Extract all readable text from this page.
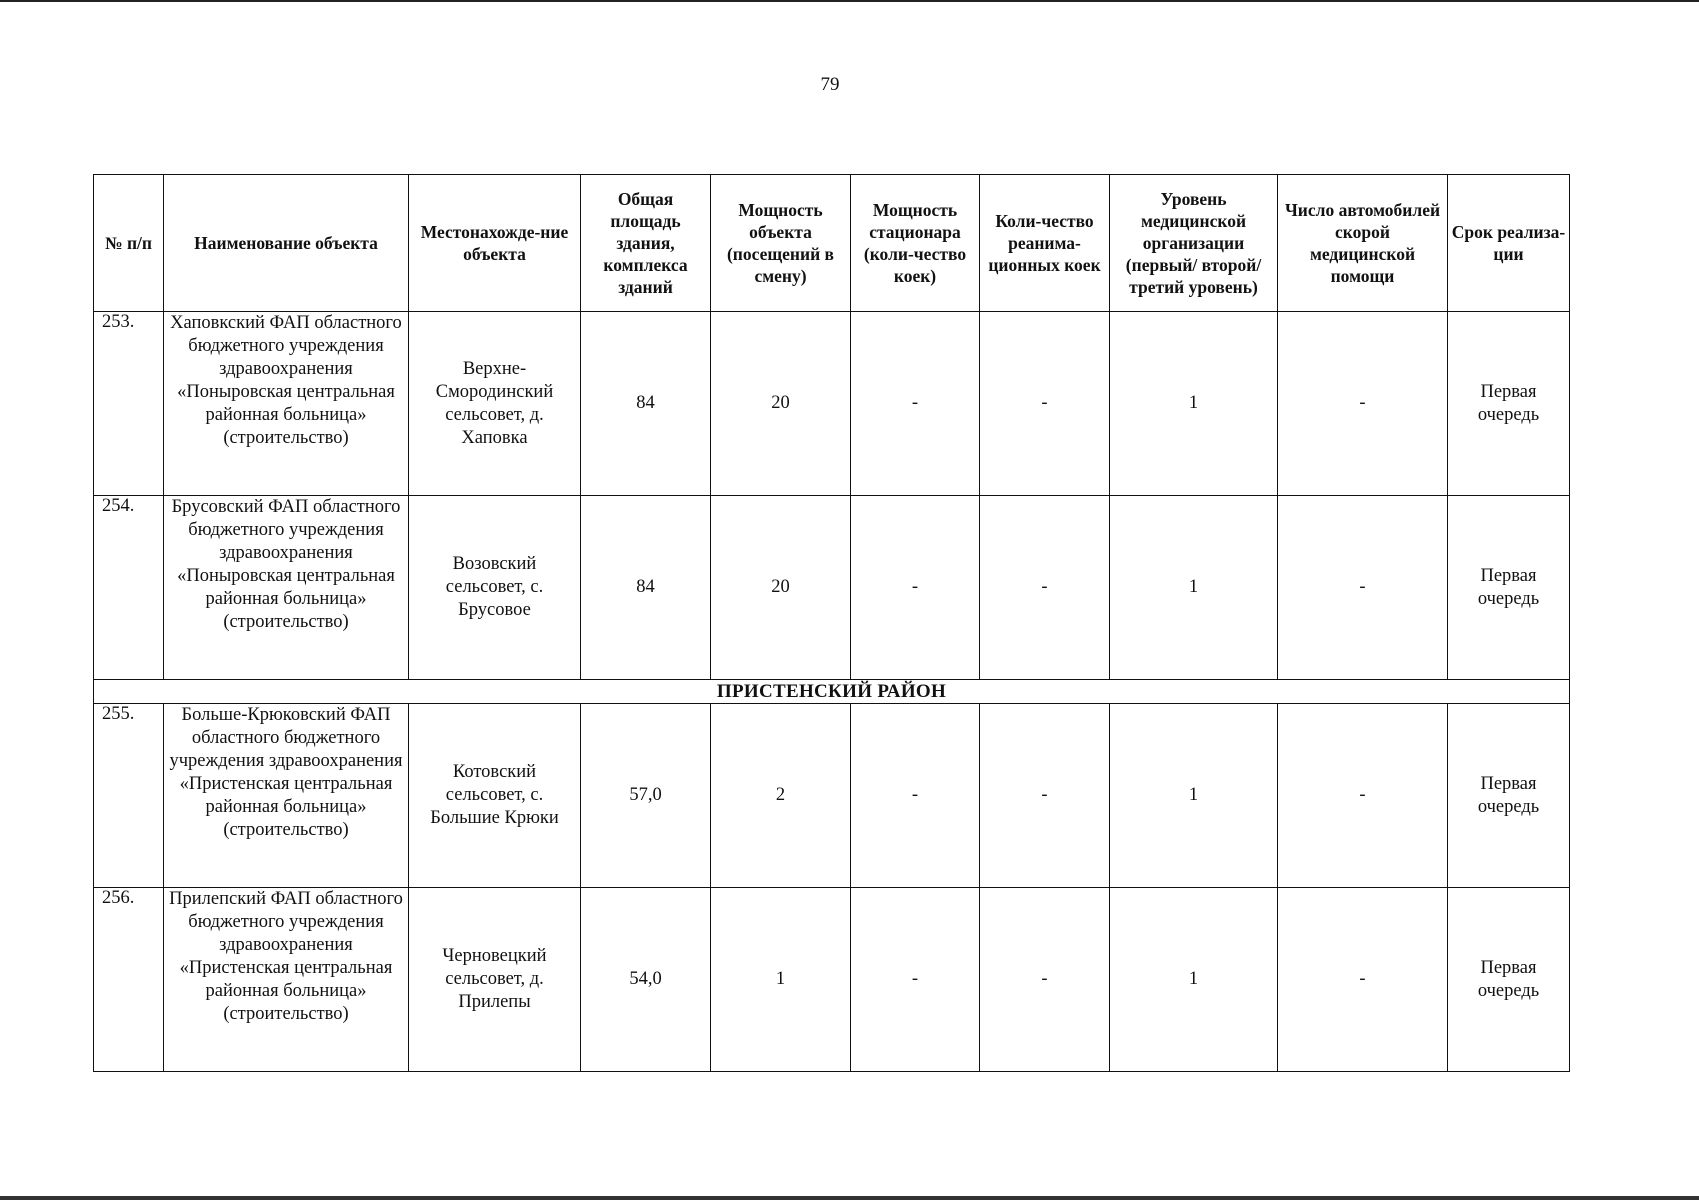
79
№ п/п	Наименование объекта	Местонахожде-ние объекта	Общая площадь здания, комплекса зданий	Мощность объекта (посещений в смену)	Мощность стационара (коли-чество коек)	Коли-чество реанима-ционных коек	Уровень медицинской организации (первый/ второй/ третий уровень)	Число автомобилей скорой медицинской помощи	Срок реализа-ции
253.	Хаповкский ФАП областного бюджетного учреждения здравоохранения «Поныровская центральная районная больница» (строительство)	Верхне-Смородинский сельсовет, д. Хаповка	84	20	-	-	1	-	Первая очередь
254.	Брусовский ФАП областного бюджетного учреждения здравоохранения «Поныровская центральная районная больница» (строительство)	Возовский сельсовет, с. Брусовое	84	20	-	-	1	-	Первая очередь
ПРИСТЕНСКИЙ РАЙОН									
255.	Больше-Крюковский ФАП областного бюджетного учреждения здравоохранения «Пристенская центральная районная больница» (строительство)	Котовский сельсовет, с. Большие Крюки	57,0	2	-	-	1	-	Первая очередь
256.	Прилепский ФАП областного бюджетного учреждения здравоохранения «Пристенская центральная районная больница» (строительство)	Черновецкий сельсовет, д. Прилепы	54,0	1	-	-	1	-	Первая очередь
